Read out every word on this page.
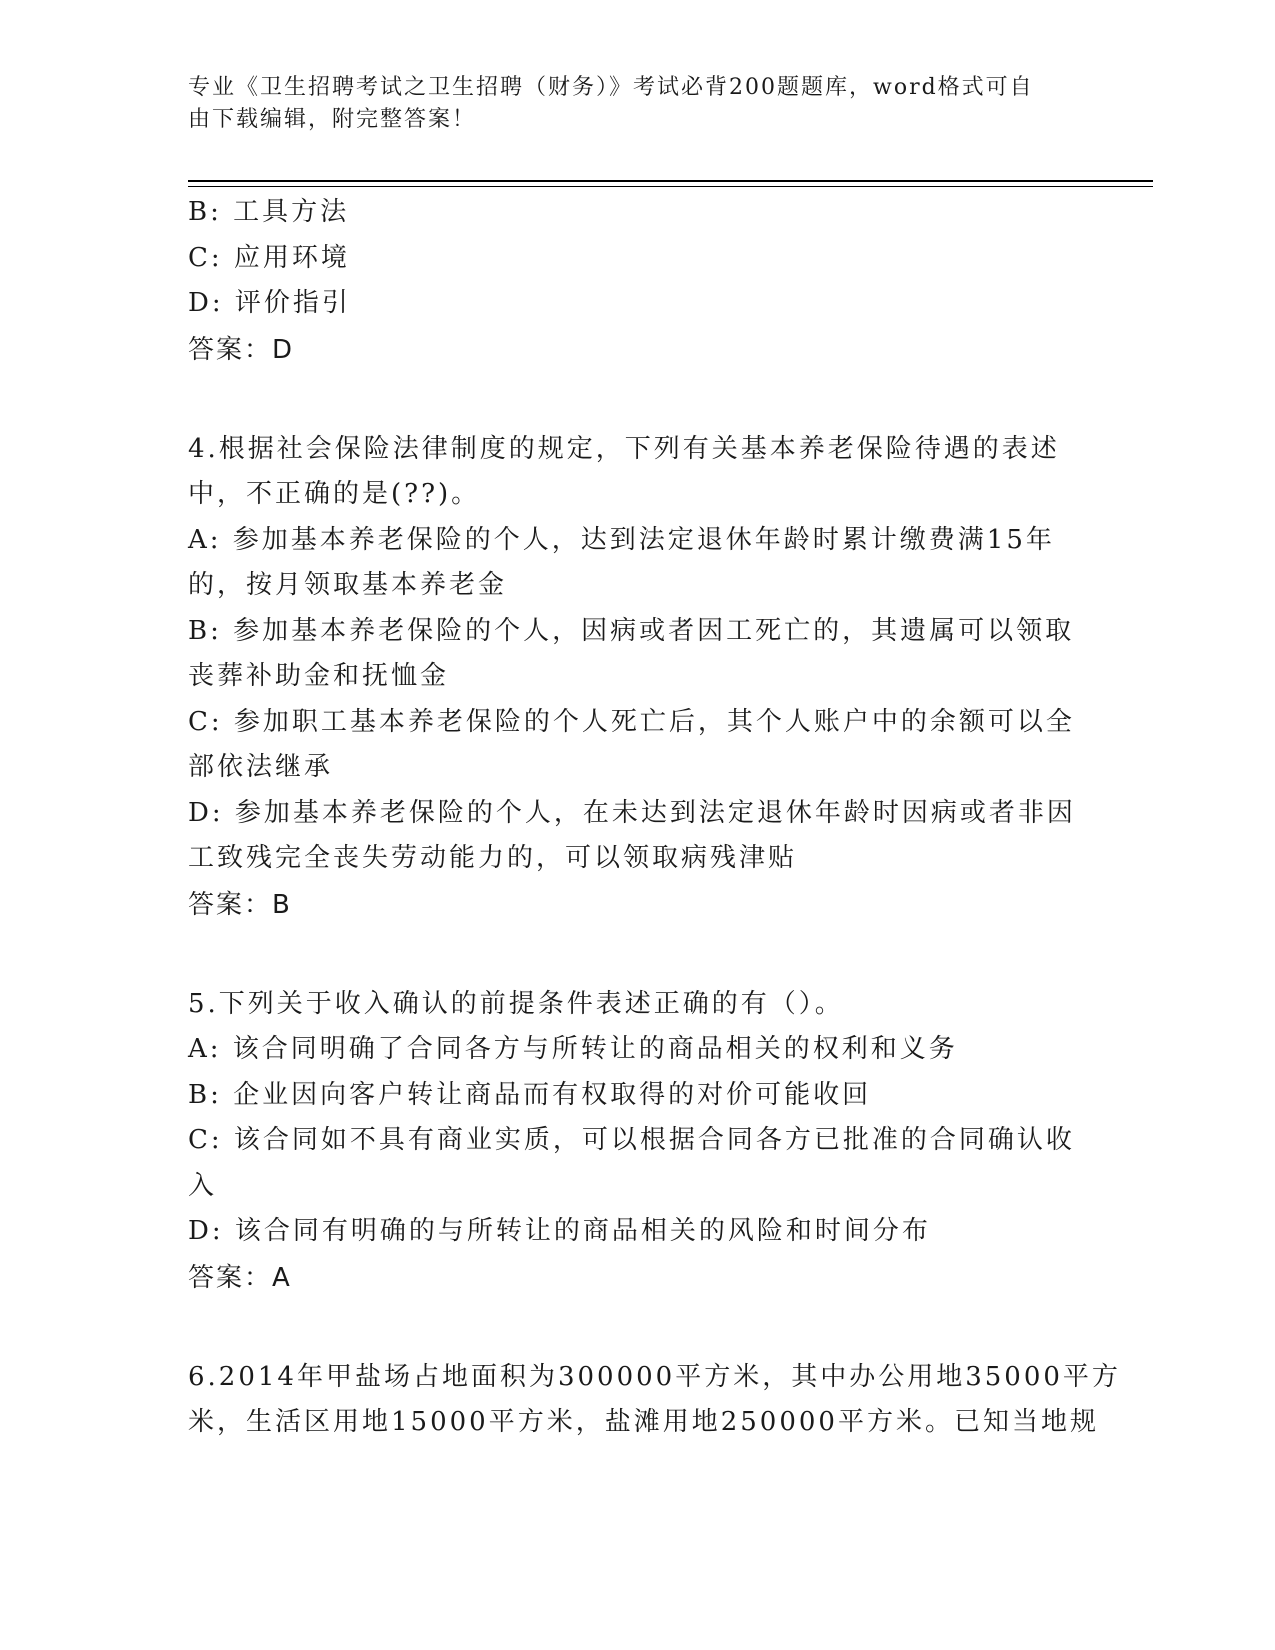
专业《卫生招聘考试之卫生招聘（财务）》考试必背200题题库，word格式可自
由下载编辑，附完整答案！
B: 工具方法
C: 应用环境
D: 评价指引
答案：D
4.根据社会保险法律制度的规定，下列有关基本养老保险待遇的表述
中，不正确的是(??)。
A: 参加基本养老保险的个人，达到法定退休年龄时累计缴费满15年
的，按月领取基本养老金
B: 参加基本养老保险的个人，因病或者因工死亡的，其遗属可以领取
丧葬补助金和抚恤金
C: 参加职工基本养老保险的个人死亡后，其个人账户中的余额可以全
部依法继承
D: 参加基本养老保险的个人，在未达到法定退休年龄时因病或者非因
工致残完全丧失劳动能力的，可以领取病残津贴
答案：B
5.下列关于收入确认的前提条件表述正确的有（）。
A: 该合同明确了合同各方与所转让的商品相关的权利和义务
B: 企业因向客户转让商品而有权取得的对价可能收回
C: 该合同如不具有商业实质，可以根据合同各方已批准的合同确认收
入
D: 该合同有明确的与所转让的商品相关的风险和时间分布
答案：A
6.2014年甲盐场占地面积为300000平方米，其中办公用地35000平方
米，生活区用地15000平方米，盐滩用地250000平方米。已知当地规
